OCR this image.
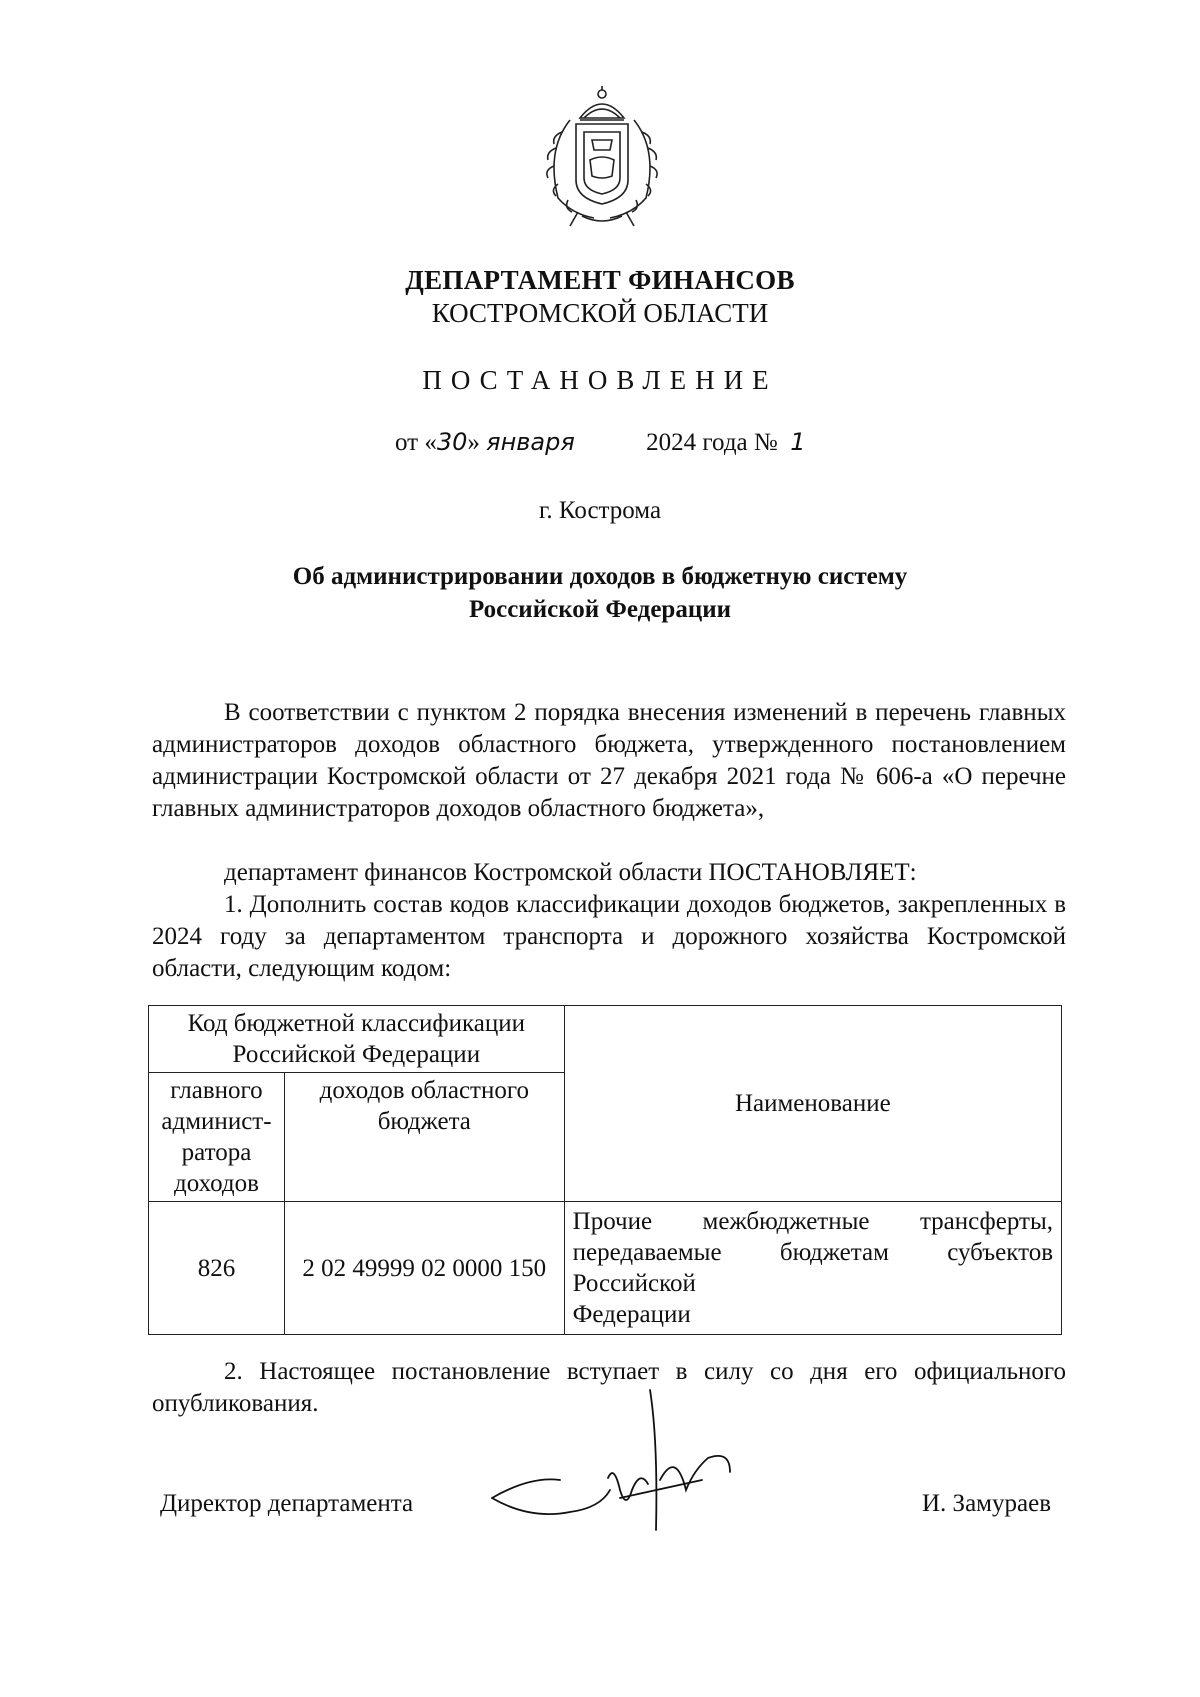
ДЕПАРТАМЕНТ ФИНАНСОВ
КОСТРОМСКОЙ ОБЛАСТИ
ПОСТАНОВЛЕНИЕ
от «30» января	2024 года № 1
г. Кострома
Об администрировании доходов в бюджетную систему
Российской Федерации
В соответствии с пунктом 2 порядка внесения изменений в перечень главных администраторов доходов областного бюджета, утвержденного постановлением администрации Костромской области от 27 декабря 2021 года № 606-а «О перечне главных администраторов доходов областного бюджета»,
департамент финансов Костромской области ПОСТАНОВЛЯЕТ:
1. Дополнить состав кодов классификации доходов бюджетов, закрепленных в 2024 году за департаментом транспорта и дорожного хозяйства Костромской области, следующим кодом:
Код бюджетной классификации Российской Федерации		Наименование
главного админист-ратора доходов	доходов областного бюджета	
826	2 02 49999 02 0000 150	Прочие межбюджетные трансферты, передаваемые бюджетам субъектов Российской
Федерации
2. Настоящее постановление вступает в силу со дня его официального опубликования.
Директор департамента	И. Замураев
